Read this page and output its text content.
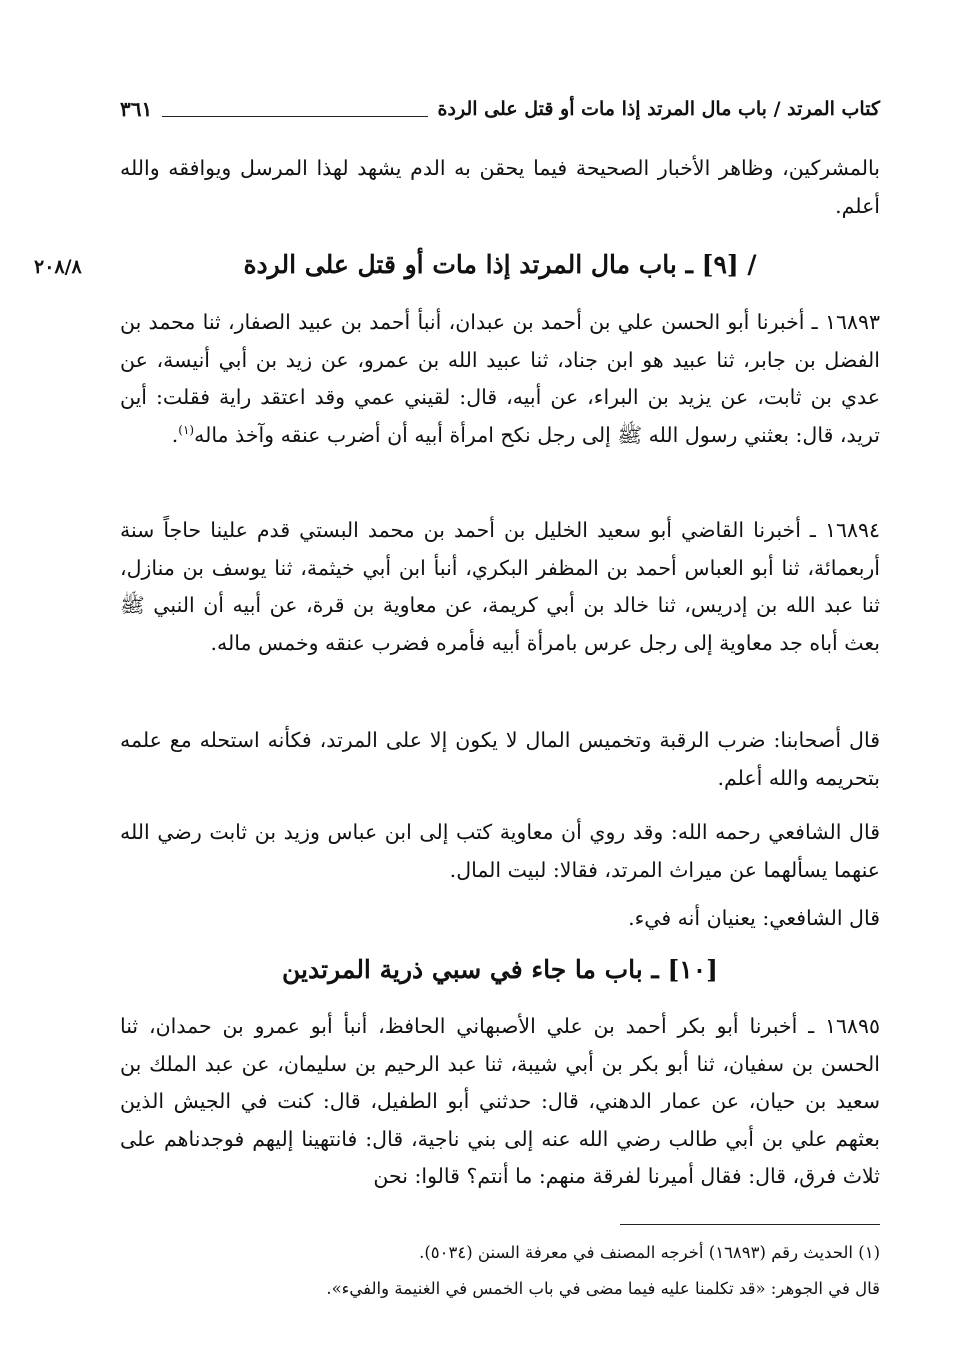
كتاب المرتد / باب مال المرتد إذا مات أو قتل على الردة
٣٦١

بالمشركين، وظاهر الأخبار الصحيحة فيما يحقن به الدم يشهد لهذا المرسل ويوافقه والله أعلم.

/ [٩] ـ باب مال المرتد إذا مات أو قتل على الردة
٢٠٨/٨

١٦٨٩٣ ـ أخبرنا أبو الحسن علي بن أحمد بن عبدان، أنبأ أحمد بن عبيد الصفار، ثنا محمد بن الفضل بن جابر، ثنا عبيد هو ابن جناد، ثنا عبيد الله بن عمرو، عن زيد بن أبي أنيسة، عن عدي بن ثابت، عن يزيد بن البراء، عن أبيه، قال: لقيني عمي وقد اعتقد راية فقلت: أين تريد، قال: بعثني رسول الله ﷺ إلى رجل نكح امرأة أبيه أن أضرب عنقه وآخذ ماله$^{(١)}$.

١٦٨٩٤ ـ أخبرنا القاضي أبو سعيد الخليل بن أحمد بن محمد البستي قدم علينا حاجاً سنة أربعمائة، ثنا أبو العباس أحمد بن المظفر البكري، أنبأ ابن أبي خيثمة، ثنا يوسف بن منازل، ثنا عبد الله بن إدريس، ثنا خالد بن أبي كريمة، عن معاوية بن قرة، عن أبيه أن النبي ﷺ بعث أباه جد معاوية إلى رجل عرس بامرأة أبيه فأمره فضرب عنقه وخمس ماله.

قال أصحابنا: ضرب الرقبة وتخميس المال لا يكون إلا على المرتد، فكأنه استحله مع علمه بتحريمه والله أعلم.

قال الشافعي رحمه الله: وقد روي أن معاوية كتب إلى ابن عباس وزيد بن ثابت رضي الله عنهما يسألهما عن ميراث المرتد، فقالا: لبيت المال.

قال الشافعي: يعنيان أنه فيء.

[١٠] ـ باب ما جاء في سبي ذرية المرتدين

١٦٨٩٥ ـ أخبرنا أبو بكر أحمد بن علي الأصبهاني الحافظ، أنبأ أبو عمرو بن حمدان، ثنا الحسن بن سفيان، ثنا أبو بكر بن أبي شيبة، ثنا عبد الرحيم بن سليمان، عن عبد الملك بن سعيد بن حيان، عن عمار الدهني، قال: حدثني أبو الطفيل، قال: كنت في الجيش الذين بعثهم علي بن أبي طالب رضي الله عنه إلى بني ناجية، قال: فانتهينا إليهم فوجدناهم على ثلاث فرق، قال: فقال أميرنا لفرقة منهم: ما أنتم؟ قالوا: نحن

(١) الحديث رقم (١٦٨٩٣) أخرجه المصنف في معرفة السنن (٥٠٣٤).
قال في الجوهر: «قد تكلمنا عليه فيما مضى في باب الخمس في الغنيمة والفيء».
